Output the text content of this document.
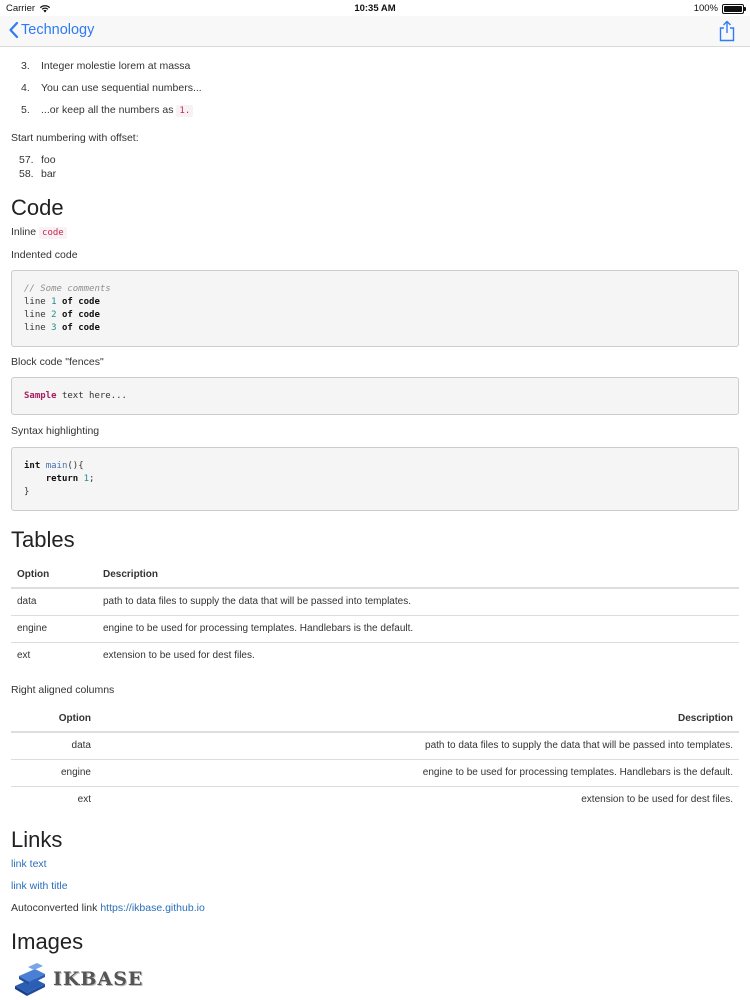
Carrier	10:35 AM	100%
Technology
3. Integer molestie lorem at massa
4. You can use sequential numbers...
5. ...or keep all the numbers as 1.

Start numbering with offset:

57. foo
58. bar
Code

Inline code

Indented code

// Some comments
line 1 of code
line 2 of code
line 3 of code

Block code "fences"

Sample text here...

Syntax highlighting

int main(){
return 1;
}
Tables
Option	Description
data	path to data files to supply the data that will be passed into templates.
engine	engine to be used for processing templates. Handlebars is the default.
ext	extension to be used for dest files.

Right aligned columns

Option	Description
data	path to data files to supply the data that will be passed into templates.
engine	engine to be used for processing templates. Handlebars is the default.
ext	extension to be used for dest files.
Links

link text

link with title

Autoconverted link https://ikbase.github.io

Images
IKBASE
